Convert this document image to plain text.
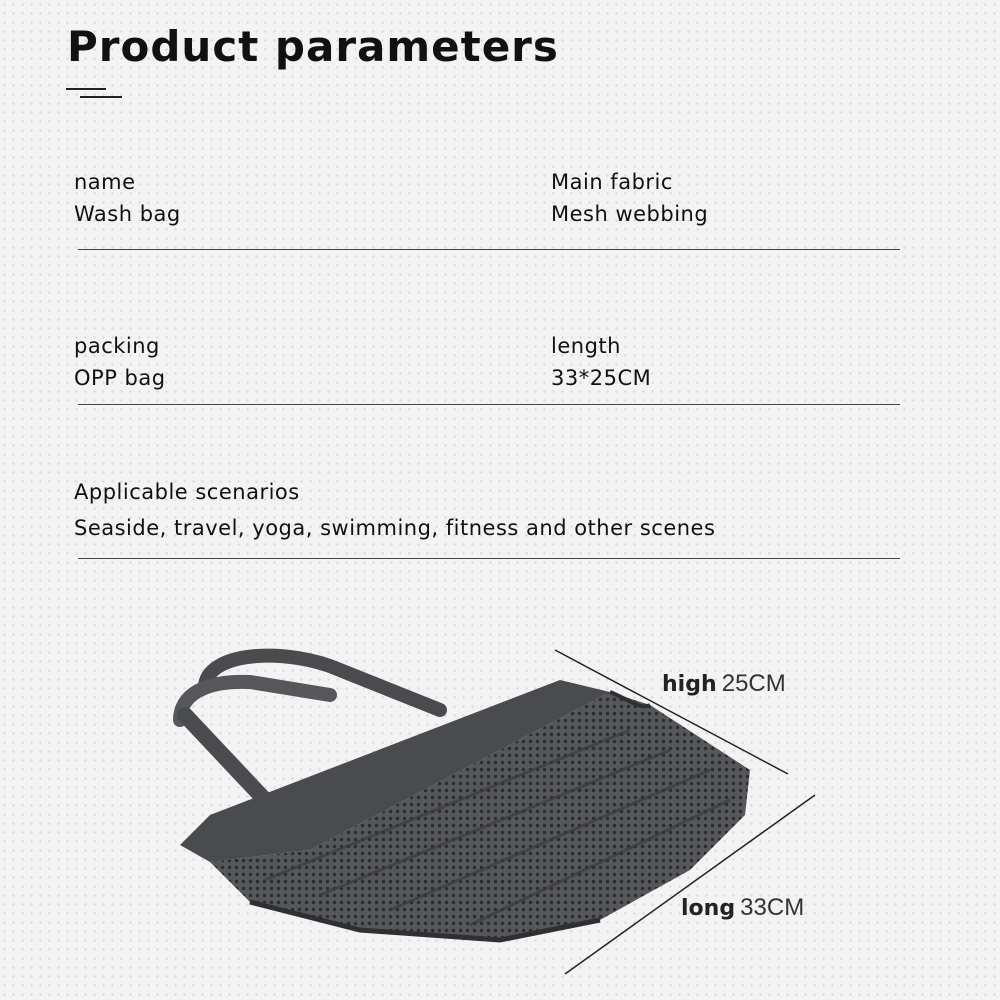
Product parameters
name
Wash bag
Main fabric
Mesh webbing
packing
OPP bag
length
33*25CM
Applicable scenarios
Seaside, travel, yoga, swimming, fitness and other scenes
high 25CM
long 33CM
